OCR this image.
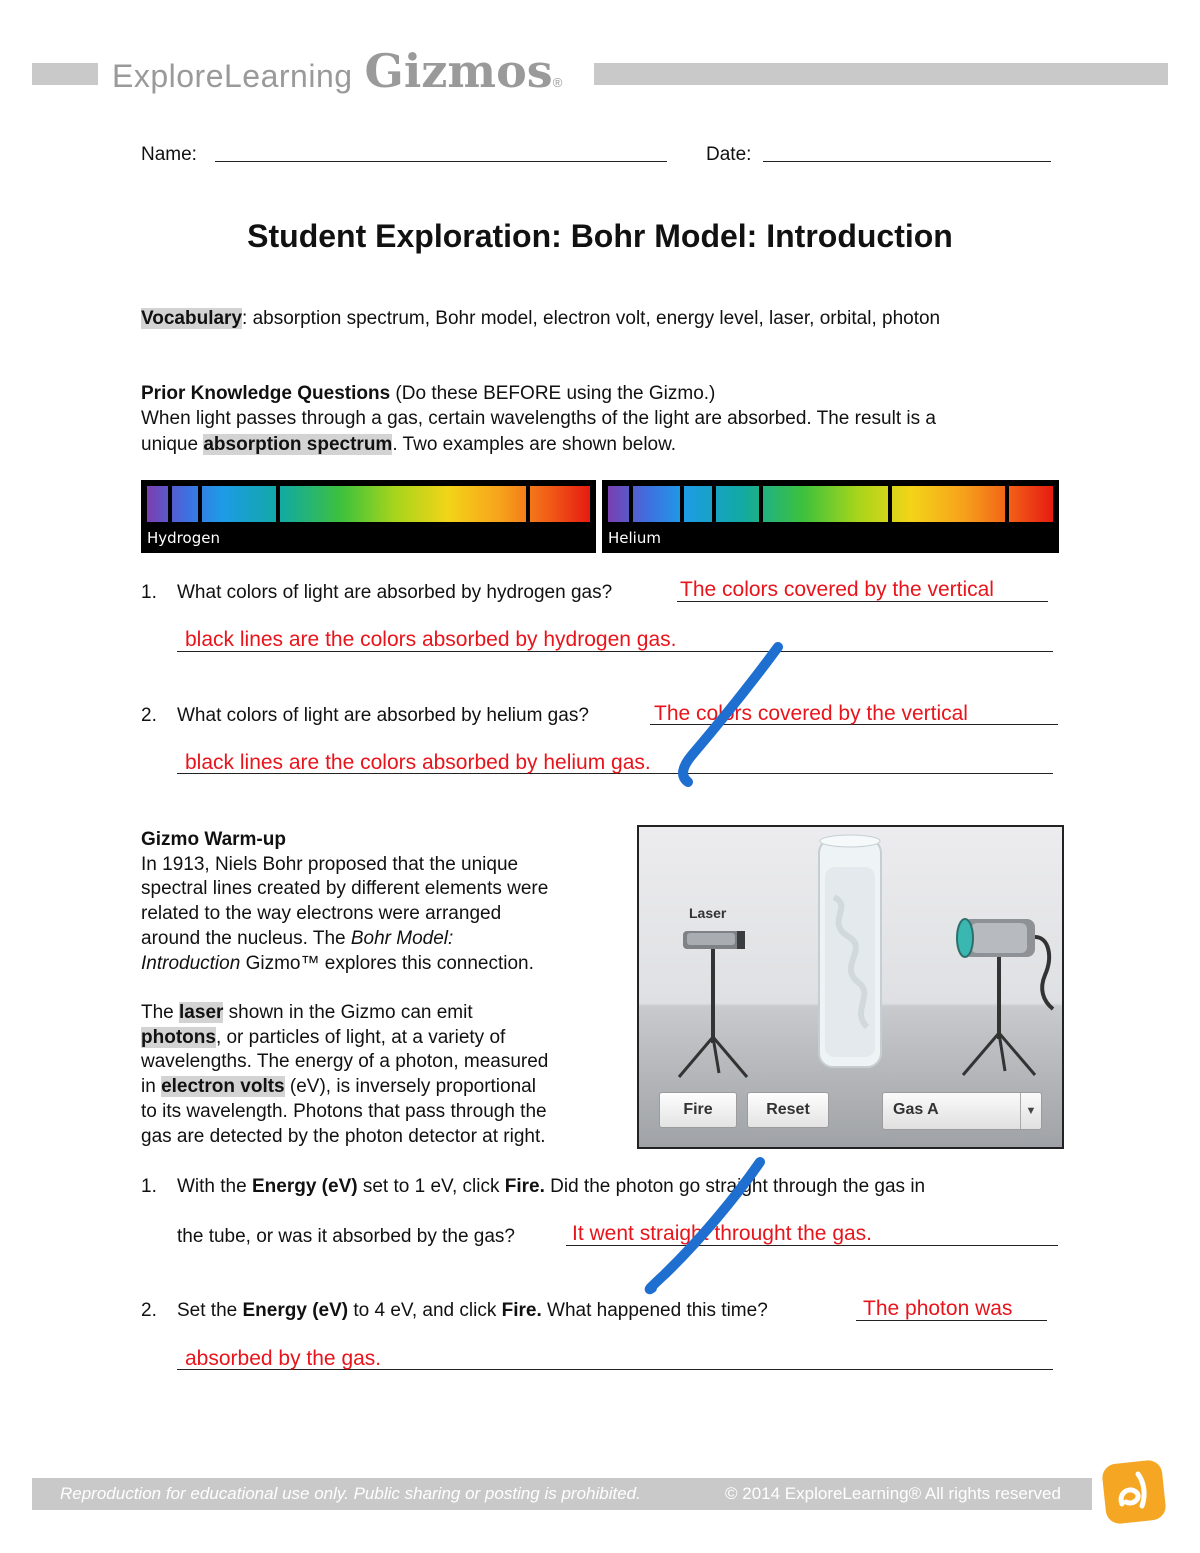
ExploreLearning Gizmos ®
Name:	Date:
Student Exploration: Bohr Model: Introduction
Vocabulary: absorption spectrum, Bohr model, electron volt, energy level, laser, orbital, photon
Prior Knowledge Questions (Do these BEFORE using the Gizmo.)
When light passes through a gas, certain wavelengths of the light are absorbed. The result is a
unique absorption spectrum. Two examples are shown below.
Hydrogen	Helium
1. What colors of light are absorbed by hydrogen gas?	The colors covered by the vertical
black lines are the colors absorbed by hydrogen gas.
2. What colors of light are absorbed by helium gas?	The colors covered by the vertical
black lines are the colors absorbed by helium gas.
Gizmo Warm-up
In 1913, Niels Bohr proposed that the unique
spectral lines created by different elements were
related to the way electrons were arranged
around the nucleus. The Bohr Model:
Introduction Gizmo™ explores this connection.
The laser shown in the Gizmo can emit
photons, or particles of light, at a variety of
wavelengths. The energy of a photon, measured
in electron volts (eV), is inversely proportional
to its wavelength. Photons that pass through the
gas are detected by the photon detector at right.
Laser
Fire	Reset	Gas A	▼
1. With the Energy (eV) set to 1 eV, click Fire. Did the photon go straight through the gas in
the tube, or was it absorbed by the gas?	It went straight throught the gas.
2. Set the Energy (eV) to 4 eV, and click Fire. What happened this time?	The photon was
absorbed by the gas.
Reproduction for educational use only. Public sharing or posting is prohibited.	© 2014 ExploreLearning® All rights reserved
